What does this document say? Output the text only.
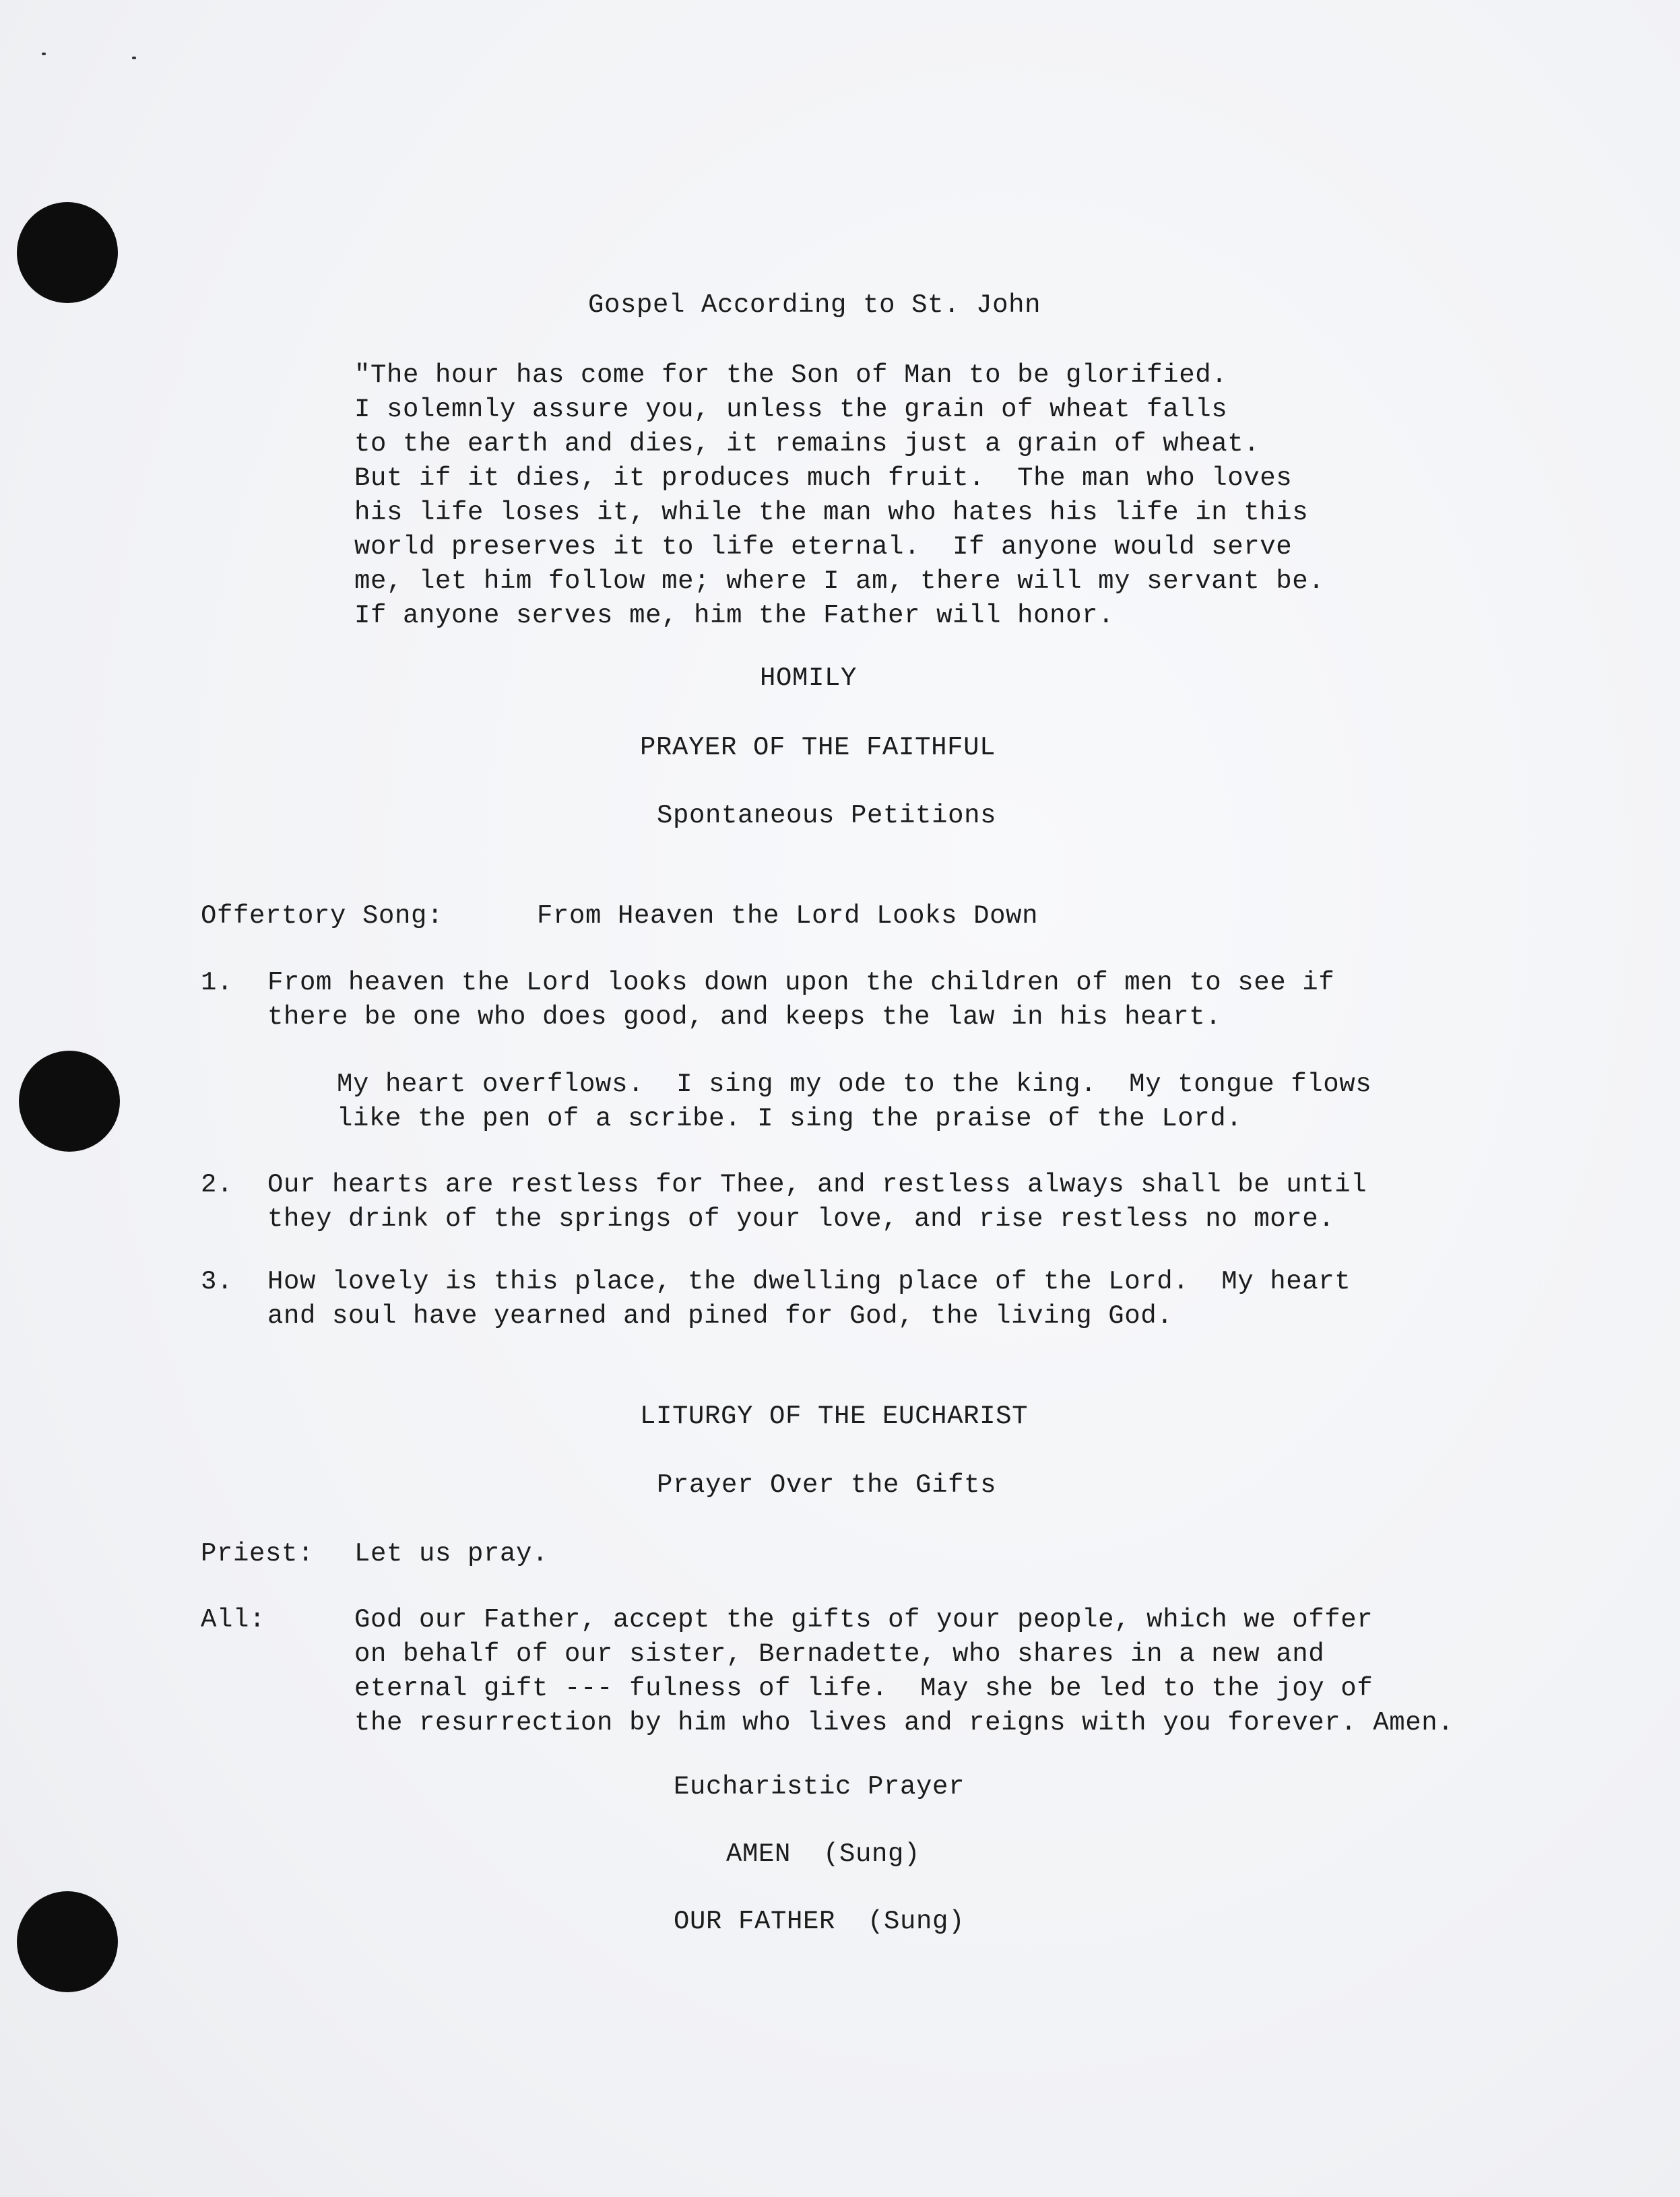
Gospel According to St. John
"The hour has come for the Son of Man to be glorified.
I solemnly assure you, unless the grain of wheat falls
to the earth and dies, it remains just a grain of wheat.
But if it dies, it produces much fruit.  The man who loves
his life loses it, while the man who hates his life in this
world preserves it to life eternal.  If anyone would serve
me, let him follow me; where I am, there will my servant be.
If anyone serves me, him the Father will honor.
HOMILY
PRAYER OF THE FAITHFUL
Spontaneous Petitions
Offertory Song:	From Heaven the Lord Looks Down
1. From heaven the Lord looks down upon the children of men to see if
there be one who does good, and keeps the law in his heart.
My heart overflows.  I sing my ode to the king.  My tongue flows
like the pen of a scribe. I sing the praise of the Lord.
2. Our hearts are restless for Thee, and restless always shall be until
they drink of the springs of your love, and rise restless no more.
3. How lovely is this place, the dwelling place of the Lord.  My heart
and soul have yearned and pined for God, the living God.
LITURGY OF THE EUCHARIST
Prayer Over the Gifts
Priest: Let us pray.
All:	God our Father, accept the gifts of your people, which we offer
on behalf of our sister, Bernadette, who shares in a new and
eternal gift --- fulness of life.  May she be led to the joy of
the resurrection by him who lives and reigns with you forever. Amen.
Eucharistic Prayer
AMEN  (Sung)
OUR FATHER  (Sung)
